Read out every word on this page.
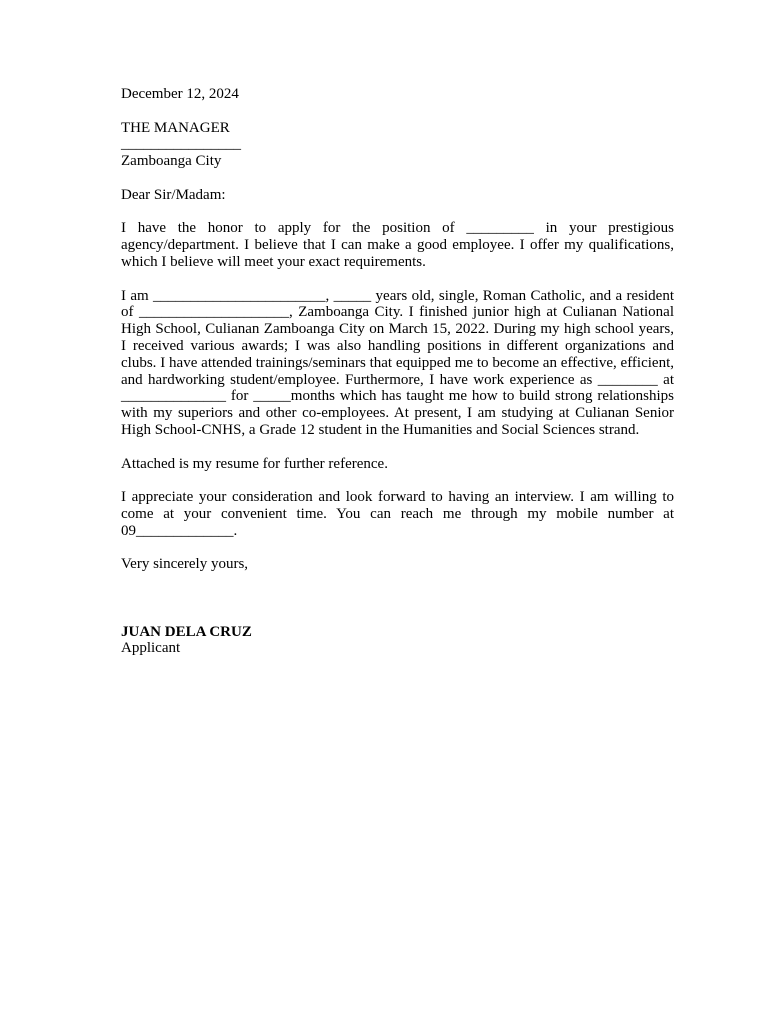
December 12, 2024

THE MANAGER
________________
Zamboanga City

Dear Sir/Madam:

I have the honor to apply for the position of _________ in your prestigious agency/department. I believe that I can make a good employee. I offer my qualifications, which I believe will meet your exact requirements.

I am _______________________, _____ years old, single, Roman Catholic, and a resident of ____________________, Zamboanga City. I finished junior high at Culianan National High School, Culianan Zamboanga City on March 15, 2022. During my high school years, I received various awards; I was also handling positions in different organizations and clubs. I have attended trainings/seminars that equipped me to become an effective, efficient, and hardworking student/employee. Furthermore, I have work experience as ________ at ______________ for _____months which has taught me how to build strong relationships with my superiors and other co-employees. At present, I am studying at Culianan Senior High School-CNHS, a Grade 12 student in the Humanities and Social Sciences strand.

Attached is my resume for further reference.

I appreciate your consideration and look forward to having an interview. I am willing to come at your convenient time. You can reach me through my mobile number at 09_____________.

Very sincerely yours,

JUAN DELA CRUZ
Applicant
